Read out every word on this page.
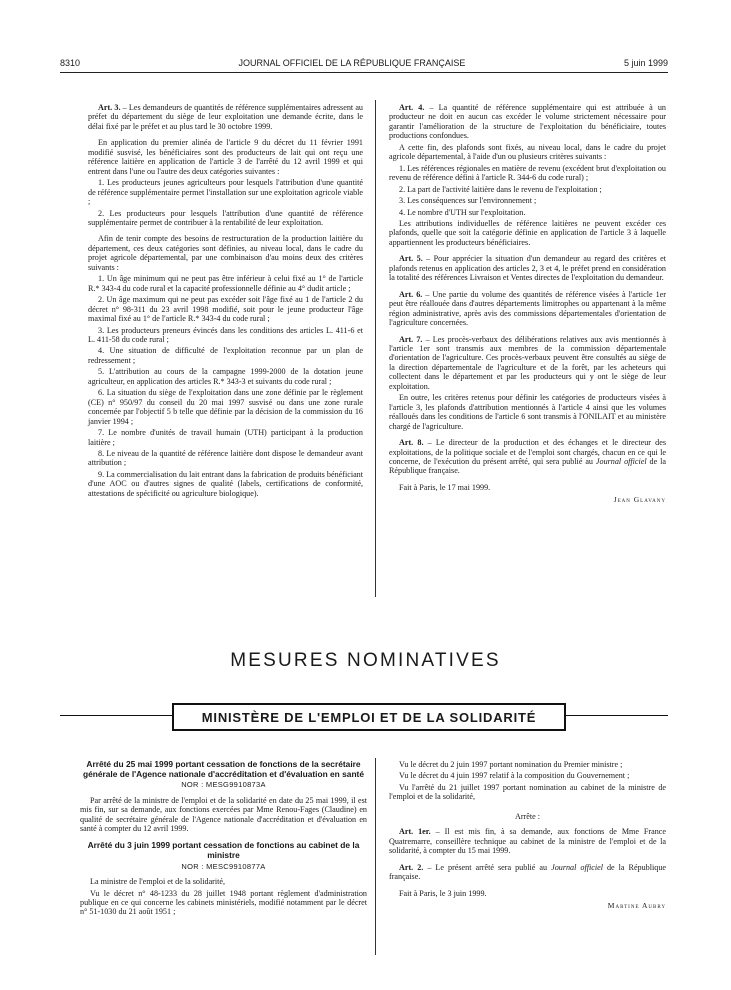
8310	JOURNAL OFFICIEL DE LA RÉPUBLIQUE FRANÇAISE	5 juin 1999

Art. 3. – Les demandeurs de quantités de référence supplémentaires adressent au préfet du département du siège de leur exploitation une demande écrite, dans le délai fixé par le préfet et au plus tard le 30 octobre 1999.

En application du premier alinéa de l'article 9 du décret du 11 février 1991 modifié susvisé, les bénéficiaires sont des producteurs de lait qui ont reçu une référence laitière en application de l'article 3 de l'arrêté du 12 avril 1999 et qui entrent dans l'une ou l'autre des deux catégories suivantes :

1. Les producteurs jeunes agriculteurs pour lesquels l'attribution d'une quantité de référence supplémentaire permet l'installation sur une exploitation agricole viable ;

2. Les producteurs pour lesquels l'attribution d'une quantité de référence supplémentaire permet de contribuer à la rentabilité de leur exploitation.

Afin de tenir compte des besoins de restructuration de la production laitière du département, ces deux catégories sont définies, au niveau local, dans le cadre du projet agricole départemental, par une combinaison d'au moins deux des critères suivants :

1. Un âge minimum qui ne peut pas être inférieur à celui fixé au 1° de l'article R.* 343-4 du code rural et la capacité professionnelle définie au 4° dudit article ;

2. Un âge maximum qui ne peut pas excéder soit l'âge fixé au 1 de l'article 2 du décret n° 98-311 du 23 avril 1998 modifié, soit pour le jeune producteur l'âge maximal fixé au 1° de l'article R.* 343-4 du code rural ;

3. Les producteurs preneurs évincés dans les conditions des articles L. 411-6 et L. 411-58 du code rural ;

4. Une situation de difficulté de l'exploitation reconnue par un plan de redressement ;

5. L'attribution au cours de la campagne 1999-2000 de la dotation jeune agriculteur, en application des articles R.* 343-3 et suivants du code rural ;

6. La situation du siège de l'exploitation dans une zone définie par le règlement (CE) n° 950/97 du conseil du 20 mai 1997 susvisé ou dans une zone rurale concernée par l'objectif 5 b telle que définie par la décision de la commission du 16 janvier 1994 ;

7. Le nombre d'unités de travail humain (UTH) participant à la production laitière ;

8. Le niveau de la quantité de référence laitière dont dispose le demandeur avant attribution ;

9. La commercialisation du lait entrant dans la fabrication de produits bénéficiant d'une AOC ou d'autres signes de qualité (labels, certifications de conformité, attestations de spécificité ou agriculture biologique).

Art. 4. – La quantité de référence supplémentaire qui est attribuée à un producteur ne doit en aucun cas excéder le volume strictement nécessaire pour garantir l'amélioration de la structure de l'exploitation du bénéficiaire, toutes productions confondues.

A cette fin, des plafonds sont fixés, au niveau local, dans le cadre du projet agricole départemental, à l'aide d'un ou plusieurs critères suivants :

1. Les références régionales en matière de revenu (excédent brut d'exploitation ou revenu de référence défini à l'article R. 344-6 du code rural) ;

2. La part de l'activité laitière dans le revenu de l'exploitation ;

3. Les conséquences sur l'environnement ;

4. Le nombre d'UTH sur l'exploitation.

Les attributions individuelles de référence laitières ne peuvent excéder ces plafonds, quelle que soit la catégorie définie en application de l'article 3 à laquelle appartiennent les producteurs bénéficiaires.

Art. 5. – Pour apprécier la situation d'un demandeur au regard des critères et plafonds retenus en application des articles 2, 3 et 4, le préfet prend en considération la totalité des références Livraison et Ventes directes de l'exploitation du demandeur.

Art. 6. – Une partie du volume des quantités de référence visées à l'article 1er peut être réallouée dans d'autres départements limitrophes ou appartenant à la même région administrative, après avis des commissions départementales d'orientation de l'agriculture concernées.

Art. 7. – Les procès-verbaux des délibérations relatives aux avis mentionnés à l'article 1er sont transmis aux membres de la commission départementale d'orientation de l'agriculture. Ces procès-verbaux peuvent être consultés au siège de la direction départementale de l'agriculture et de la forêt, par les acheteurs qui collectent dans le département et par les producteurs qui y ont le siège de leur exploitation.

En outre, les critères retenus pour définir les catégories de producteurs visées à l'article 3, les plafonds d'attribution mentionnés à l'article 4 ainsi que les volumes réalloués dans les conditions de l'article 6 sont transmis à l'ONILAIT et au ministère chargé de l'agriculture.

Art. 8. – Le directeur de la production et des échanges et le directeur des exploitations, de la politique sociale et de l'emploi sont chargés, chacun en ce qui le concerne, de l'exécution du présent arrêté, qui sera publié au Journal officiel de la République française.

Fait à Paris, le 17 mai 1999.

Jean Glavany
MESURES NOMINATIVES
MINISTÈRE DE L'EMPLOI ET DE LA SOLIDARITÉ
Arrêté du 25 mai 1999 portant cessation de fonctions de la secrétaire générale de l'Agence nationale d'accréditation et d'évaluation en santé
NOR : MESG9910873A

Par arrêté de la ministre de l'emploi et de la solidarité en date du 25 mai 1999, il est mis fin, sur sa demande, aux fonctions exercées par Mme Renou-Fages (Claudine) en qualité de secrétaire générale de l'Agence nationale d'accréditation et d'évaluation en santé à compter du 12 avril 1999.

Arrêté du 3 juin 1999 portant cessation de fonctions au cabinet de la ministre
NOR : MESC9910877A

La ministre de l'emploi et de la solidarité,

Vu le décret n° 48-1233 du 28 juillet 1948 portant règlement d'administration publique en ce qui concerne les cabinets ministériels, modifié notamment par le décret n° 51-1030 du 21 août 1951 ;

Vu le décret du 2 juin 1997 portant nomination du Premier ministre ;

Vu le décret du 4 juin 1997 relatif à la composition du Gouvernement ;

Vu l'arrêté du 21 juillet 1997 portant nomination au cabinet de la ministre de l'emploi et de la solidarité,

Arrête :

Art. 1er. – Il est mis fin, à sa demande, aux fonctions de Mme France Quatremarre, conseillère technique au cabinet de la ministre de l'emploi et de la solidarité, à compter du 15 mai 1999.

Art. 2. – Le présent arrêté sera publié au Journal officiel de la République française.

Fait à Paris, le 3 juin 1999.

Martine Aubry
